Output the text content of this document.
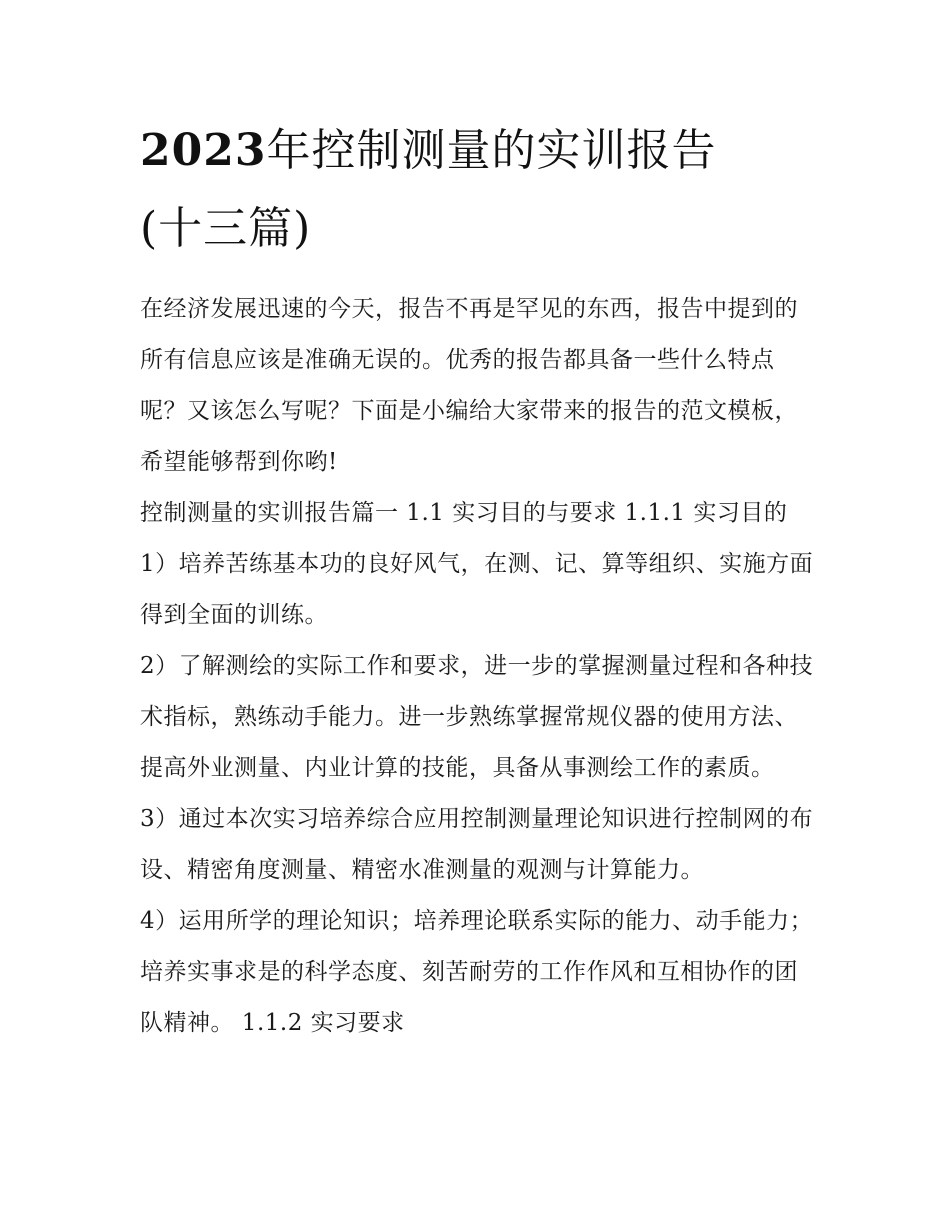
2023年控制测量的实训报告
(十三篇)

在经济发展迅速的今天，报告不再是罕见的东西，报告中提到的所有信息应该是准确无误的。优秀的报告都具备一些什么特点呢？又该怎么写呢？下面是小编给大家带来的报告的范文模板，希望能够帮到你哟!

控制测量的实训报告篇一 1.1 实习目的与要求 1.1.1 实习目的

1）培养苦练基本功的良好风气，在测、记、算等组织、实施方面得到全面的训练。

2）了解测绘的实际工作和要求，进一步的掌握测量过程和各种技术指标，熟练动手能力。进一步熟练掌握常规仪器的使用方法、提高外业测量、内业计算的技能，具备从事测绘工作的素质。

3）通过本次实习培养综合应用控制测量理论知识进行控制网的布设、精密角度测量、精密水准测量的观测与计算能力。

4）运用所学的理论知识；培养理论联系实际的能力、动手能力；培养实事求是的科学态度、刻苦耐劳的工作作风和互相协作的团队精神。 1.1.2 实习要求
